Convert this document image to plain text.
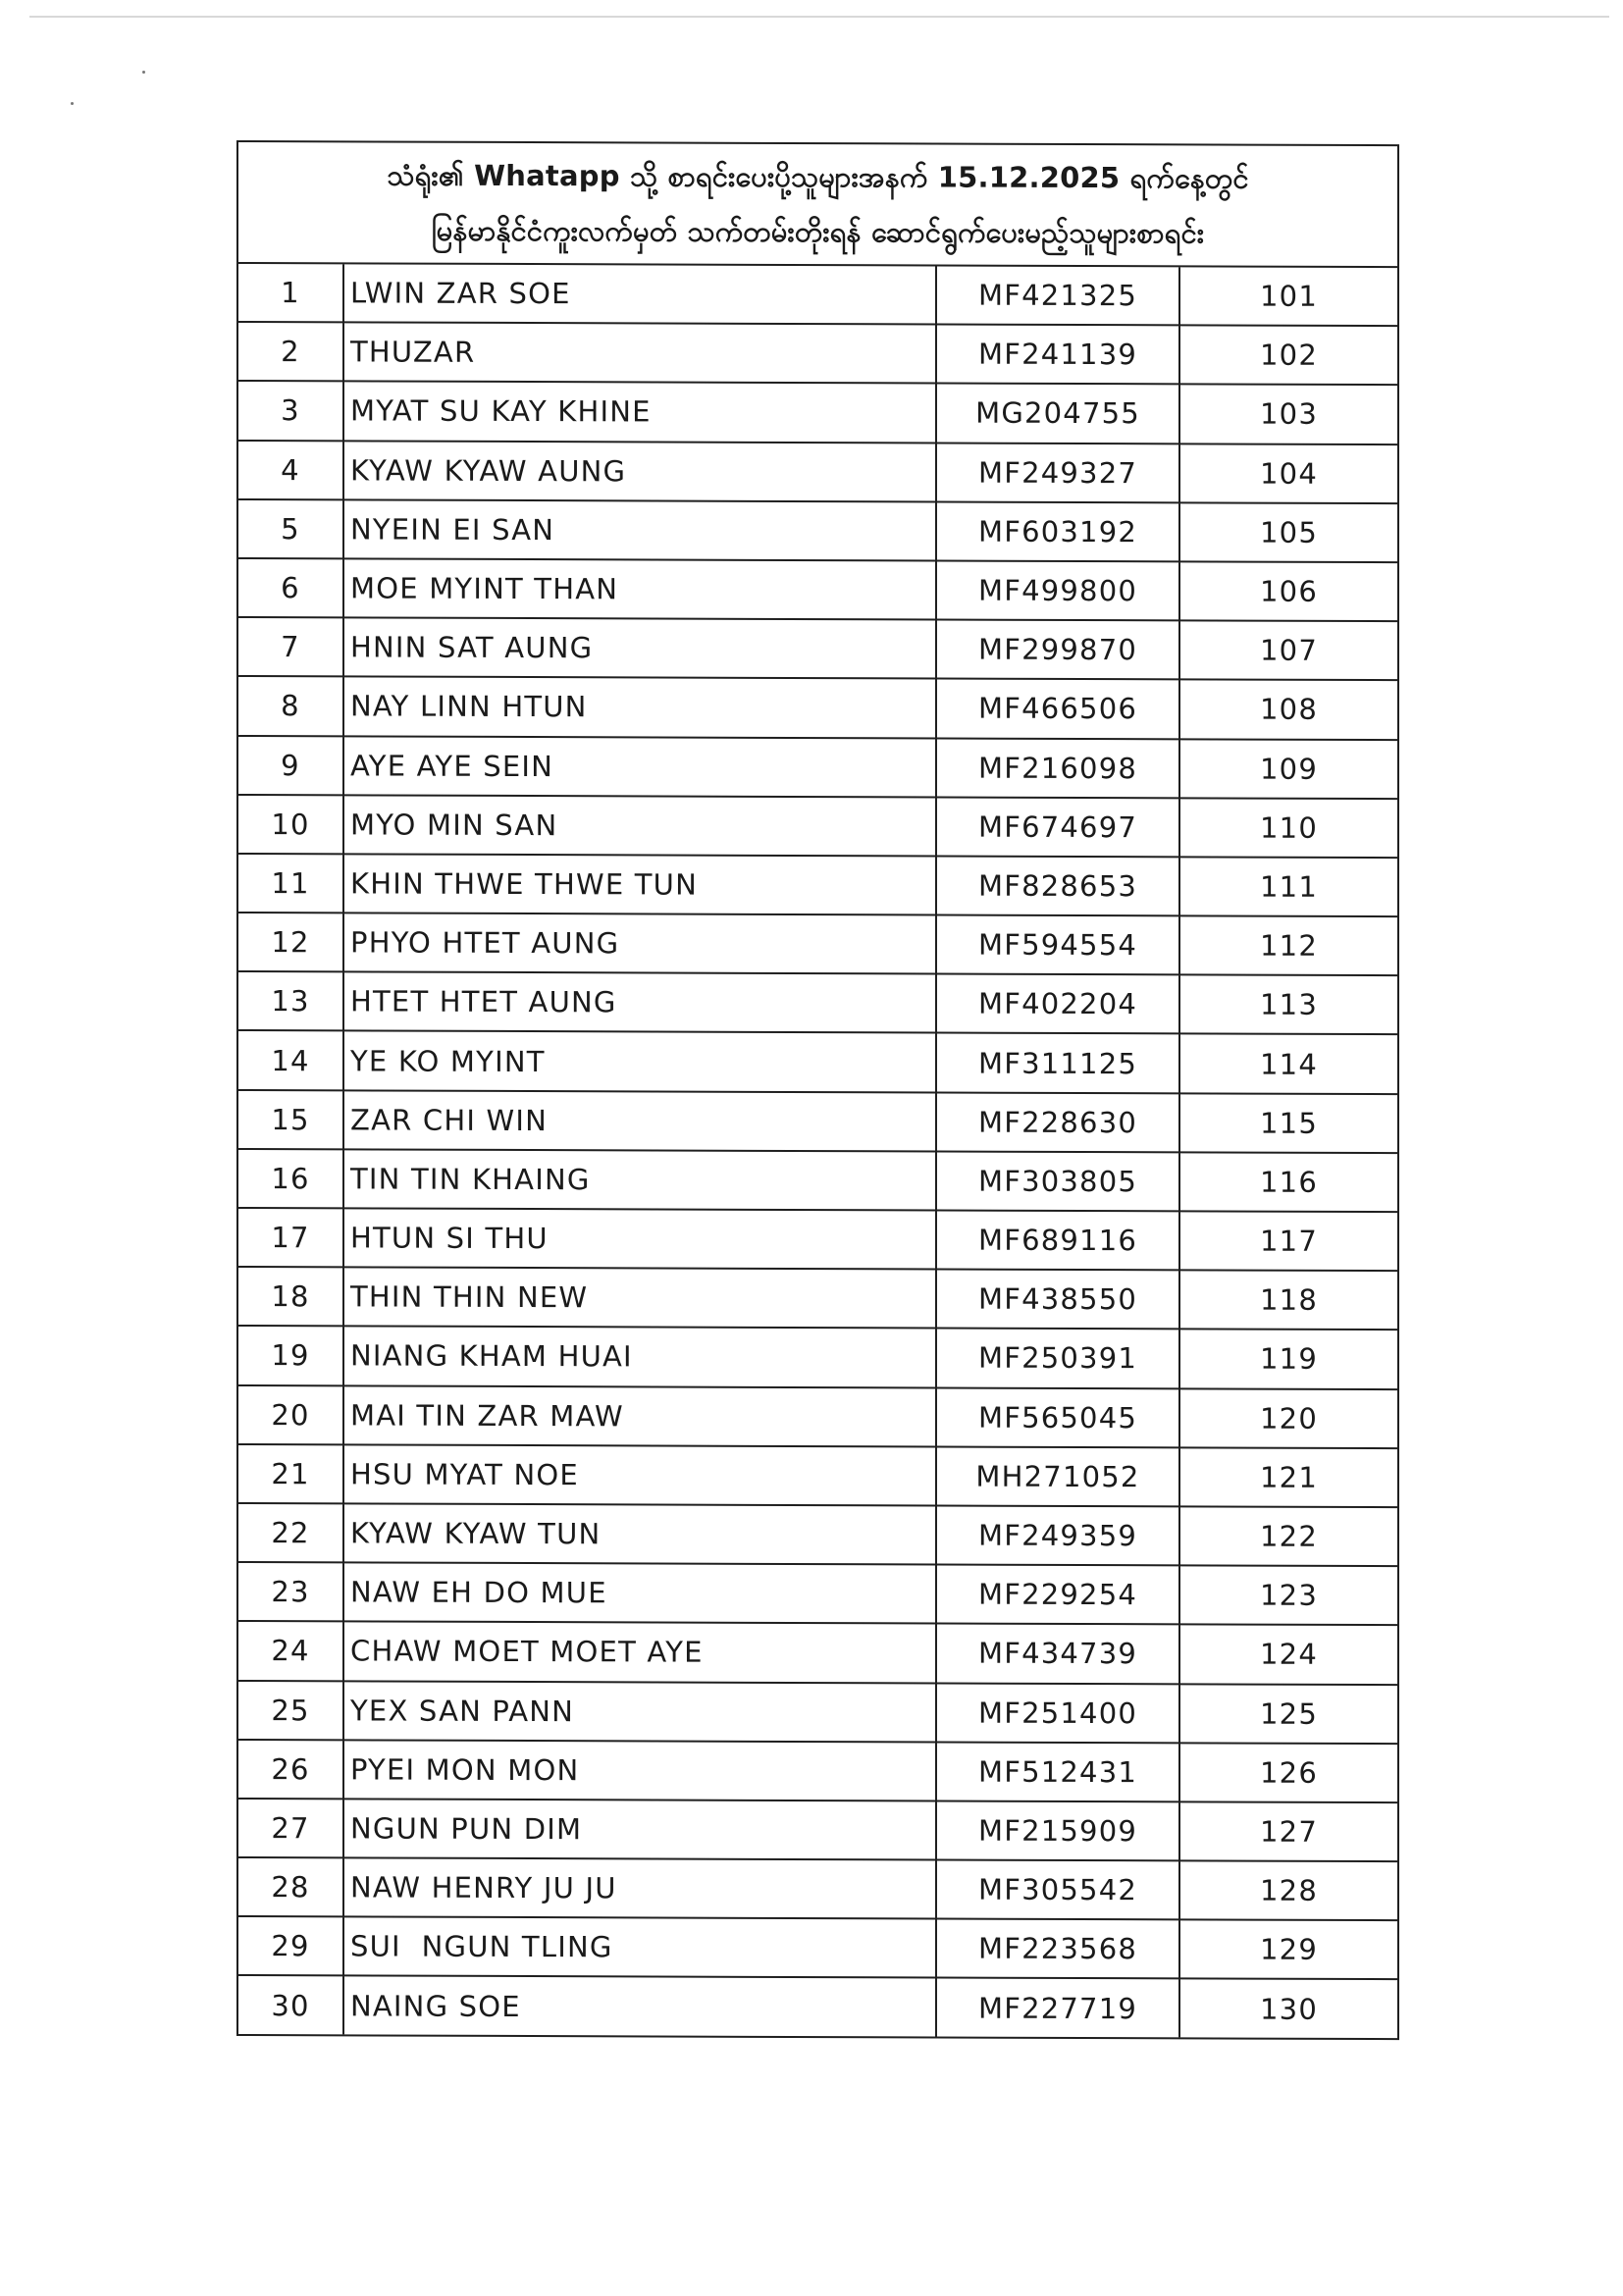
သံရုံး၏ Whatapp သို့ စာရင်းပေးပို့သူများအနက် 15.12.2025 ရက်နေ့တွင်
မြန်မာနိုင်ငံကူးလက်မှတ် သက်တမ်းတိုးရန် ဆောင်ရွက်ပေးမည့်သူများစာရင်း
1	LWIN ZAR SOE	MF421325	101
2	THUZAR	MF241139	102
3	MYAT SU KAY KHINE	MG204755	103
4	KYAW KYAW AUNG	MF249327	104
5	NYEIN EI SAN	MF603192	105
6	MOE MYINT THAN	MF499800	106
7	HNIN SAT AUNG	MF299870	107
8	NAY LINN HTUN	MF466506	108
9	AYE AYE SEIN	MF216098	109
10	MYO MIN SAN	MF674697	110
11	KHIN THWE THWE TUN	MF828653	111
12	PHYO HTET AUNG	MF594554	112
13	HTET HTET AUNG	MF402204	113
14	YE KO MYINT	MF311125	114
15	ZAR CHI WIN	MF228630	115
16	TIN TIN KHAING	MF303805	116
17	HTUN SI THU	MF689116	117
18	THIN THIN NEW	MF438550	118
19	NIANG KHAM HUAI	MF250391	119
20	MAI TIN ZAR MAW	MF565045	120
21	HSU MYAT NOE	MH271052	121
22	KYAW KYAW TUN	MF249359	122
23	NAW EH DO MUE	MF229254	123
24	CHAW MOET MOET AYE	MF434739	124
25	YEX SAN PANN	MF251400	125
26	PYEI MON MON	MF512431	126
27	NGUN PUN DIM	MF215909	127
28	NAW HENRY JU JU	MF305542	128
29	SUI  NGUN TLING	MF223568	129
30	NAING SOE	MF227719	130
